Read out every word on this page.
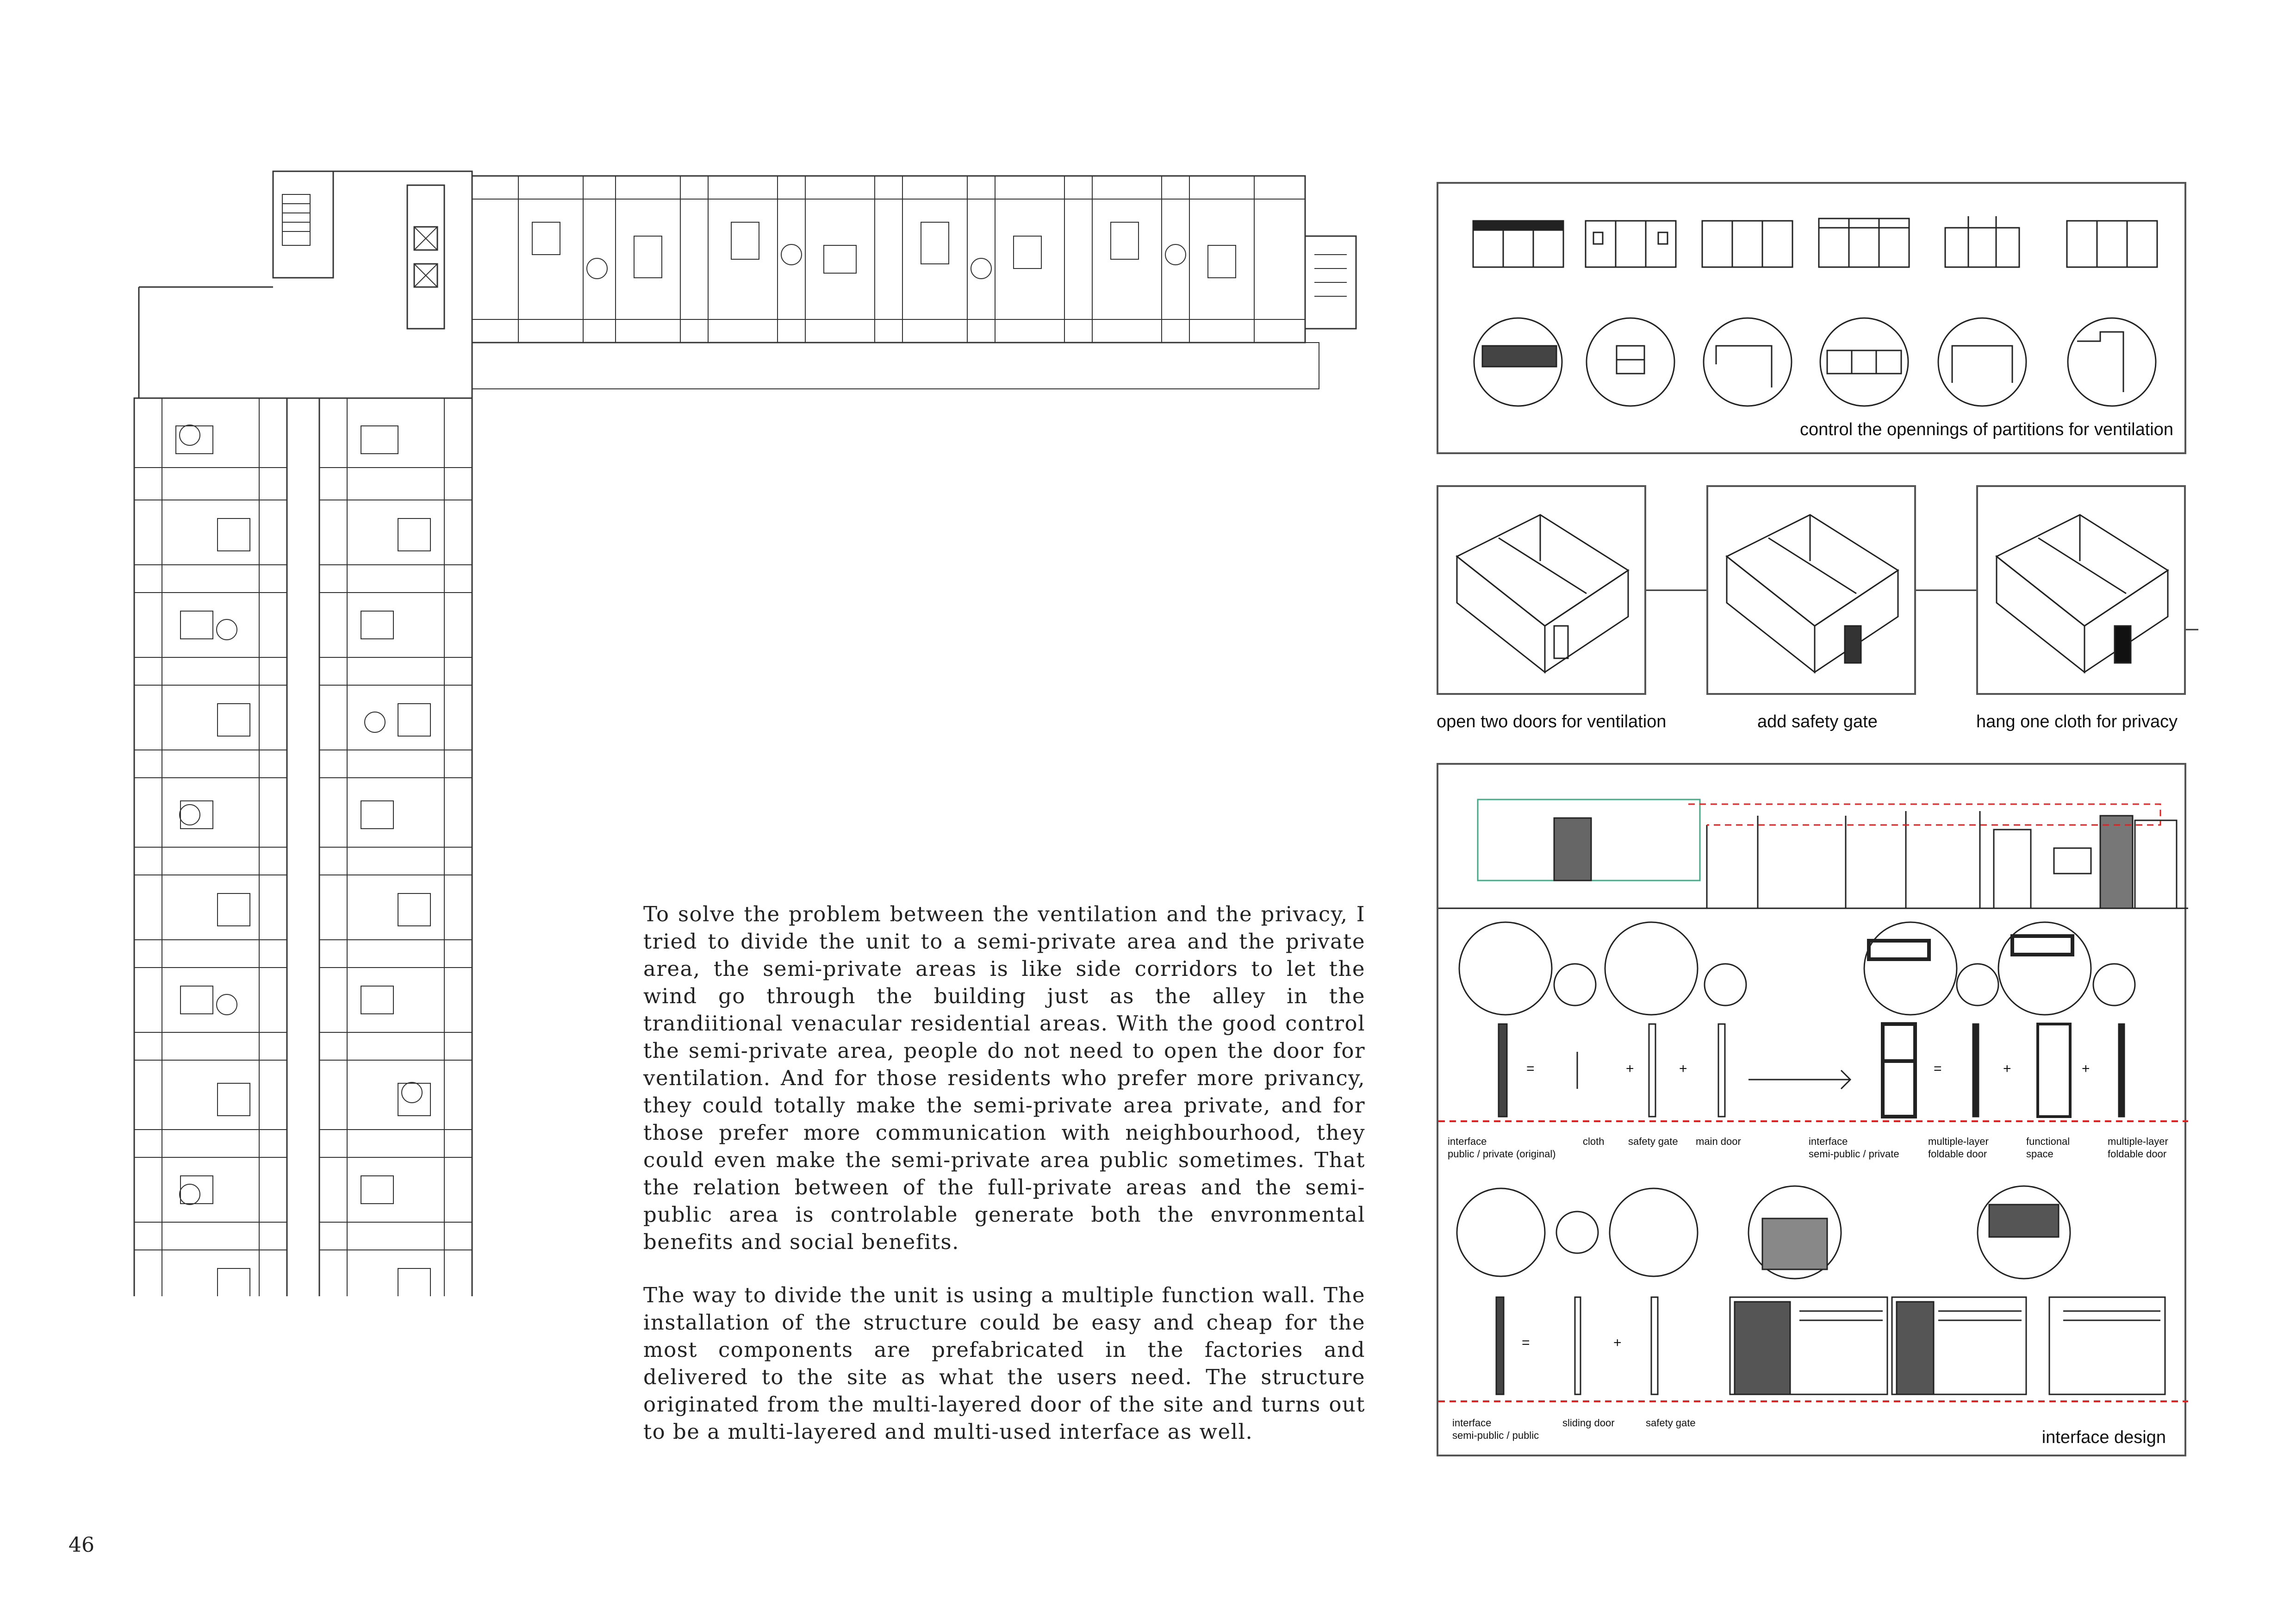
To solve the problem between the ventilation and the privacy, I tried to divide the unit to a semi-private area and the private area, the semi-private areas is like side corridors to let the wind go through the building just as the alley in the trandiitional venacular residential areas. With the good control the semi-private area, people do not need to open the door for ventilation. And for those residents who prefer more privancy, they could totally make the semi-private area private, and for those prefer more communication with neighbourhood, they could even make the semi-private area public sometimes. That the relation between of the full-private areas and the semi-public area is controlable generate both the envronmental benefits and social benefits.
The way to divide the unit is using a multiple function wall. The installation of the structure could be easy and cheap for the most components are prefabricated in the factories and delivered to the site as what the users need. The structure originated from the multi-layered door of the site and turns out to be a multi-layered and multi-used interface as well.
46
control the opennings of partitions for ventilation
open two doors for ventilation	add safety gate	hang one cloth for privacy
=	+	+	=	+	+
interface
public / private (original)
cloth safety gate main door	interface
semi-public / private
multiple-layer
foldable door
functional
space
multiple-layer
foldable door
=	+
interface
semi-public / public
sliding door	safety gate
interface design
